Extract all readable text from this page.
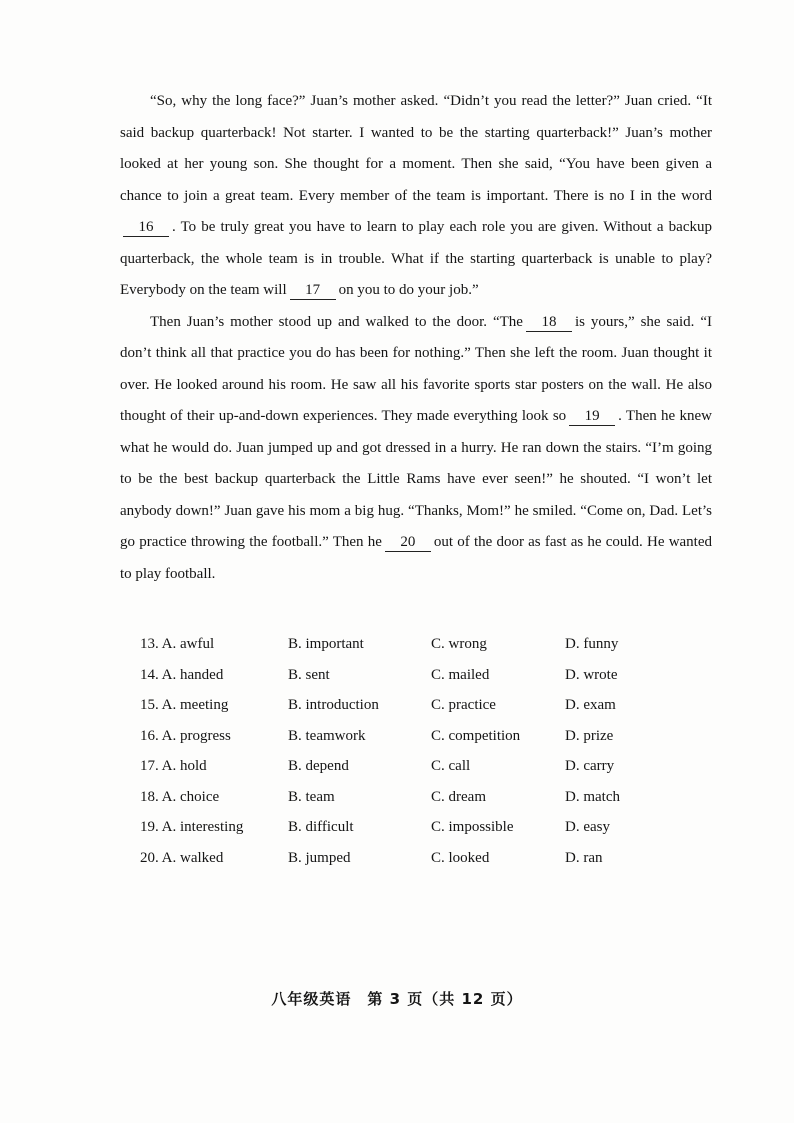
“So, why the long face?” Juan’s mother asked. “Didn’t you read the letter?” Juan cried. “It said backup quarterback! Not starter. I wanted to be the starting quarterback!” Juan’s mother looked at her young son. She thought for a moment. Then she said, “You have been given a chance to join a great team. Every member of the team is important. There is no I in the word16 . To be truly great you have to learn to play each role you are given. Without a backup quarterback, the whole team is in trouble. What if the starting quarterback is unable to play? Everybody on the team will 17 on you to do your job.”

Then Juan’s mother stood up and walked to the door. “The 18 is yours,” she said. “I don’t think all that practice you do has been for nothing.” Then she left the room. Juan thought it over. He looked around his room. He saw all his favorite sports star posters on the wall. He also thought of their up-and-down experiences. They made everything look so 19 . Then he knew what he would do. Juan jumped up and got dressed in a hurry. He ran down the stairs. “I’m going to be the best backup quarterback the Little Rams have ever seen!” he shouted. “I won’t let anybody down!” Juan gave his mom a big hug. “Thanks, Mom!” he smiled. “Come on, Dad. Let’s go practice throwing the football.” Then he 20 out of the door as fast as he could. He wanted to play football.

13. A. awful	B. important	C. wrong	D. funny
14. A. handed	B. sent	C. mailed	D. wrote
15. A. meeting	B. introduction	C. practice	D. exam
16. A. progress	B. teamwork	C. competition	D. prize
17. A. hold	B. depend	C. call	D. carry
18. A. choice	B. team	C. dream	D. match
19. A. interesting	B. difficult	C. impossible	D. easy
20. A. walked	B. jumped	C. looked	D. ran
八年级英语　第 3 页（共 12 页）
